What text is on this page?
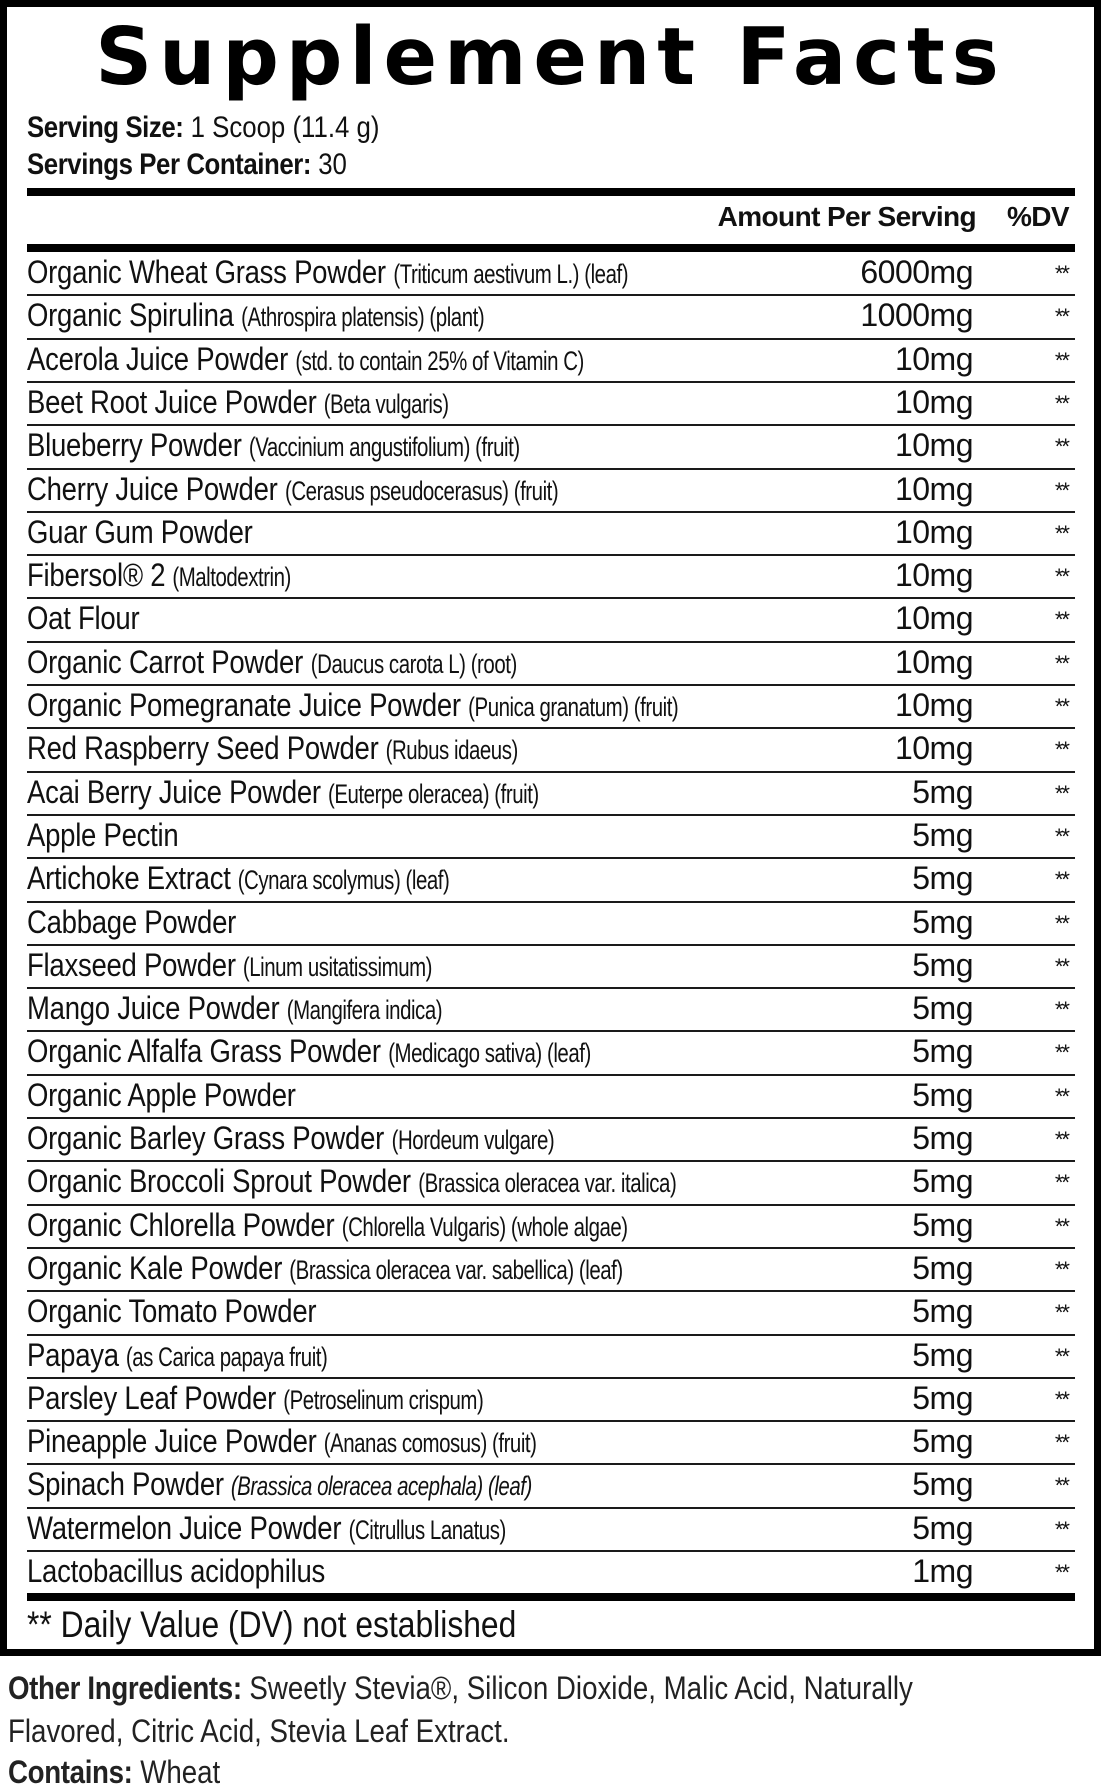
Supplement Facts
Serving Size: 1 Scoop (11.4 g)
Servings Per Container: 30
Amount Per Serving %DV
Organic Wheat Grass Powder (Triticum aestivum L.) (leaf)	6000mg	**
Organic Spirulina (Athrospira platensis) (plant)	1000mg	**
Acerola Juice Powder (std. to contain 25% of Vitamin C)	10mg	**
Beet Root Juice Powder (Beta vulgaris)	10mg	**
Blueberry Powder (Vaccinium angustifolium) (fruit)	10mg	**
Cherry Juice Powder (Cerasus pseudocerasus) (fruit)	10mg	**
Guar Gum Powder	10mg	**
Fibersol® 2 (Maltodextrin)	10mg	**
Oat Flour	10mg	**
Organic Carrot Powder (Daucus carota L) (root)	10mg	**
Organic Pomegranate Juice Powder (Punica granatum) (fruit)	10mg	**
Red Raspberry Seed Powder (Rubus idaeus)	10mg	**
Acai Berry Juice Powder (Euterpe oleracea) (fruit)	5mg	**
Apple Pectin	5mg	**
Artichoke Extract (Cynara scolymus) (leaf)	5mg	**
Cabbage Powder	5mg	**
Flaxseed Powder (Linum usitatissimum)	5mg	**
Mango Juice Powder (Mangifera indica)	5mg	**
Organic Alfalfa Grass Powder (Medicago sativa) (leaf)	5mg	**
Organic Apple Powder	5mg	**
Organic Barley Grass Powder (Hordeum vulgare)	5mg	**
Organic Broccoli Sprout Powder (Brassica oleracea var. italica)	5mg	**
Organic Chlorella Powder (Chlorella Vulgaris) (whole algae)	5mg	**
Organic Kale Powder (Brassica oleracea var. sabellica) (leaf)	5mg	**
Organic Tomato Powder	5mg	**
Papaya (as Carica papaya fruit)	5mg	**
Parsley Leaf Powder (Petroselinum crispum)	5mg	**
Pineapple Juice Powder (Ananas comosus) (fruit)	5mg	**
Spinach Powder (Brassica oleracea acephala) (leaf)	5mg	**
Watermelon Juice Powder (Citrullus Lanatus)	5mg	**
Lactobacillus acidophilus	1mg	**
** Daily Value (DV) not established
Other Ingredients: Sweetly Stevia®, Silicon Dioxide, Malic Acid, Naturally
Flavored, Citric Acid, Stevia Leaf Extract.
Contains: Wheat
